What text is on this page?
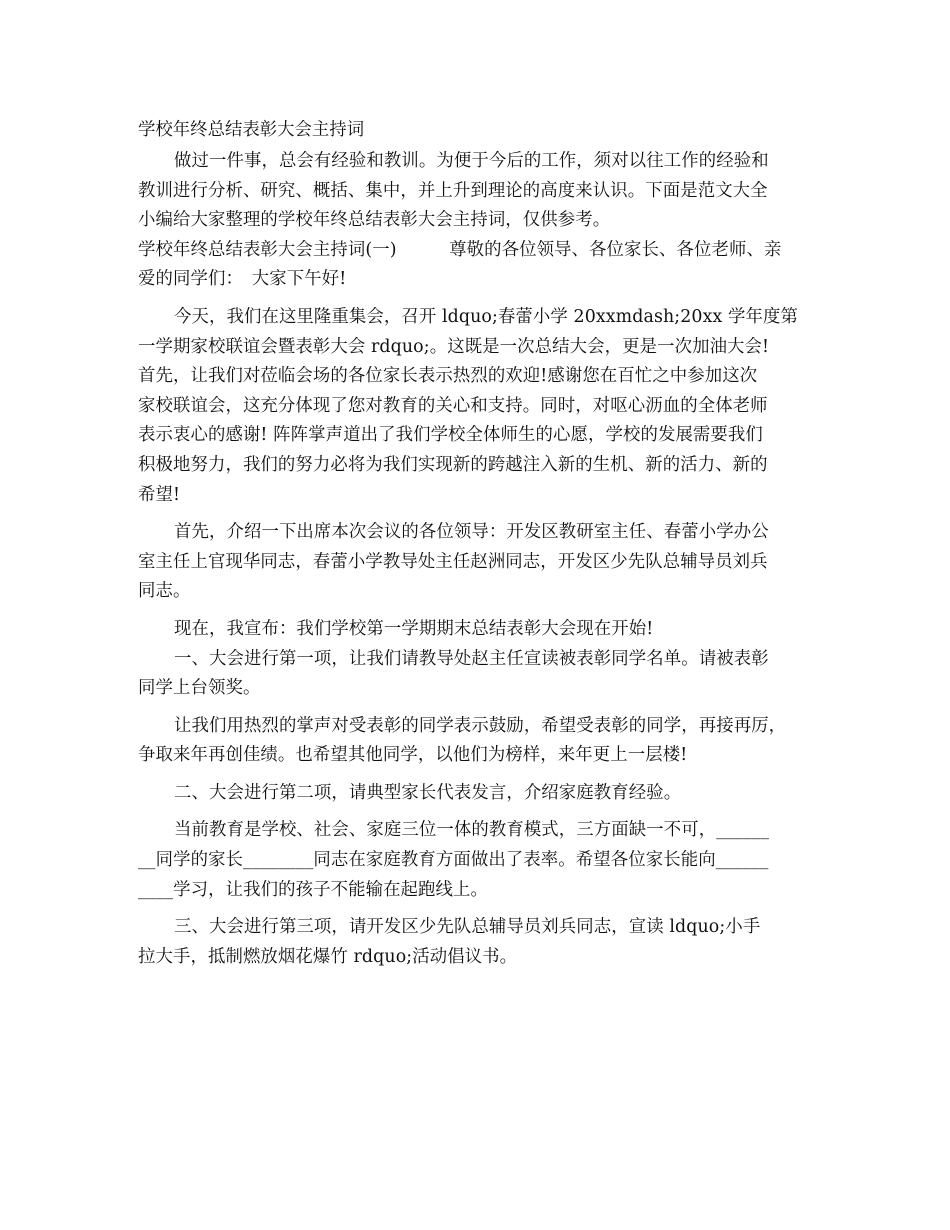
学校年终总结表彰大会主持词
做过一件事，总会有经验和教训。为便于今后的工作，须对以往工作的经验和
教训进行分析、研究、概括、集中，并上升到理论的高度来认识。下面是范文大全
小编给大家整理的学校年终总结表彰大会主持词，仅供参考。
学校年终总结表彰大会主持词(一)　　　尊敬的各位领导、各位家长、各位老师、亲
爱的同学们：　大家下午好!
今天，我们在这里隆重集会，召开 ldquo;春蕾小学 20xxmdash;20xx 学年度第
一学期家校联谊会暨表彰大会 rdquo;。这既是一次总结大会，更是一次加油大会!
首先，让我们对莅临会场的各位家长表示热烈的欢迎!感谢您在百忙之中参加这次
家校联谊会，这充分体现了您对教育的关心和支持。同时，对呕心沥血的全体老师
表示衷心的感谢! 阵阵掌声道出了我们学校全体师生的心愿，学校的发展需要我们
积极地努力，我们的努力必将为我们实现新的跨越注入新的生机、新的活力、新的
希望!
首先，介绍一下出席本次会议的各位领导：开发区教研室主任、春蕾小学办公
室主任上官现华同志，春蕾小学教导处主任赵洲同志，开发区少先队总辅导员刘兵
同志。
现在，我宣布：我们学校第一学期期末总结表彰大会现在开始!
一、大会进行第一项，让我们请教导处赵主任宣读被表彰同学名单。请被表彰
同学上台领奖。
让我们用热烈的掌声对受表彰的同学表示鼓励，希望受表彰的同学，再接再厉，
争取来年再创佳绩。也希望其他同学，以他们为榜样，来年更上一层楼!
二、大会进行第二项，请典型家长代表发言，介绍家庭教育经验。
当前教育是学校、社会、家庭三位一体的教育模式，三方面缺一不可，______
__同学的家长________同志在家庭教育方面做出了表率。希望各位家长能向______
____学习，让我们的孩子不能输在起跑线上。
三、大会进行第三项，请开发区少先队总辅导员刘兵同志，宣读 ldquo;小手
拉大手，抵制燃放烟花爆竹 rdquo;活动倡议书。
